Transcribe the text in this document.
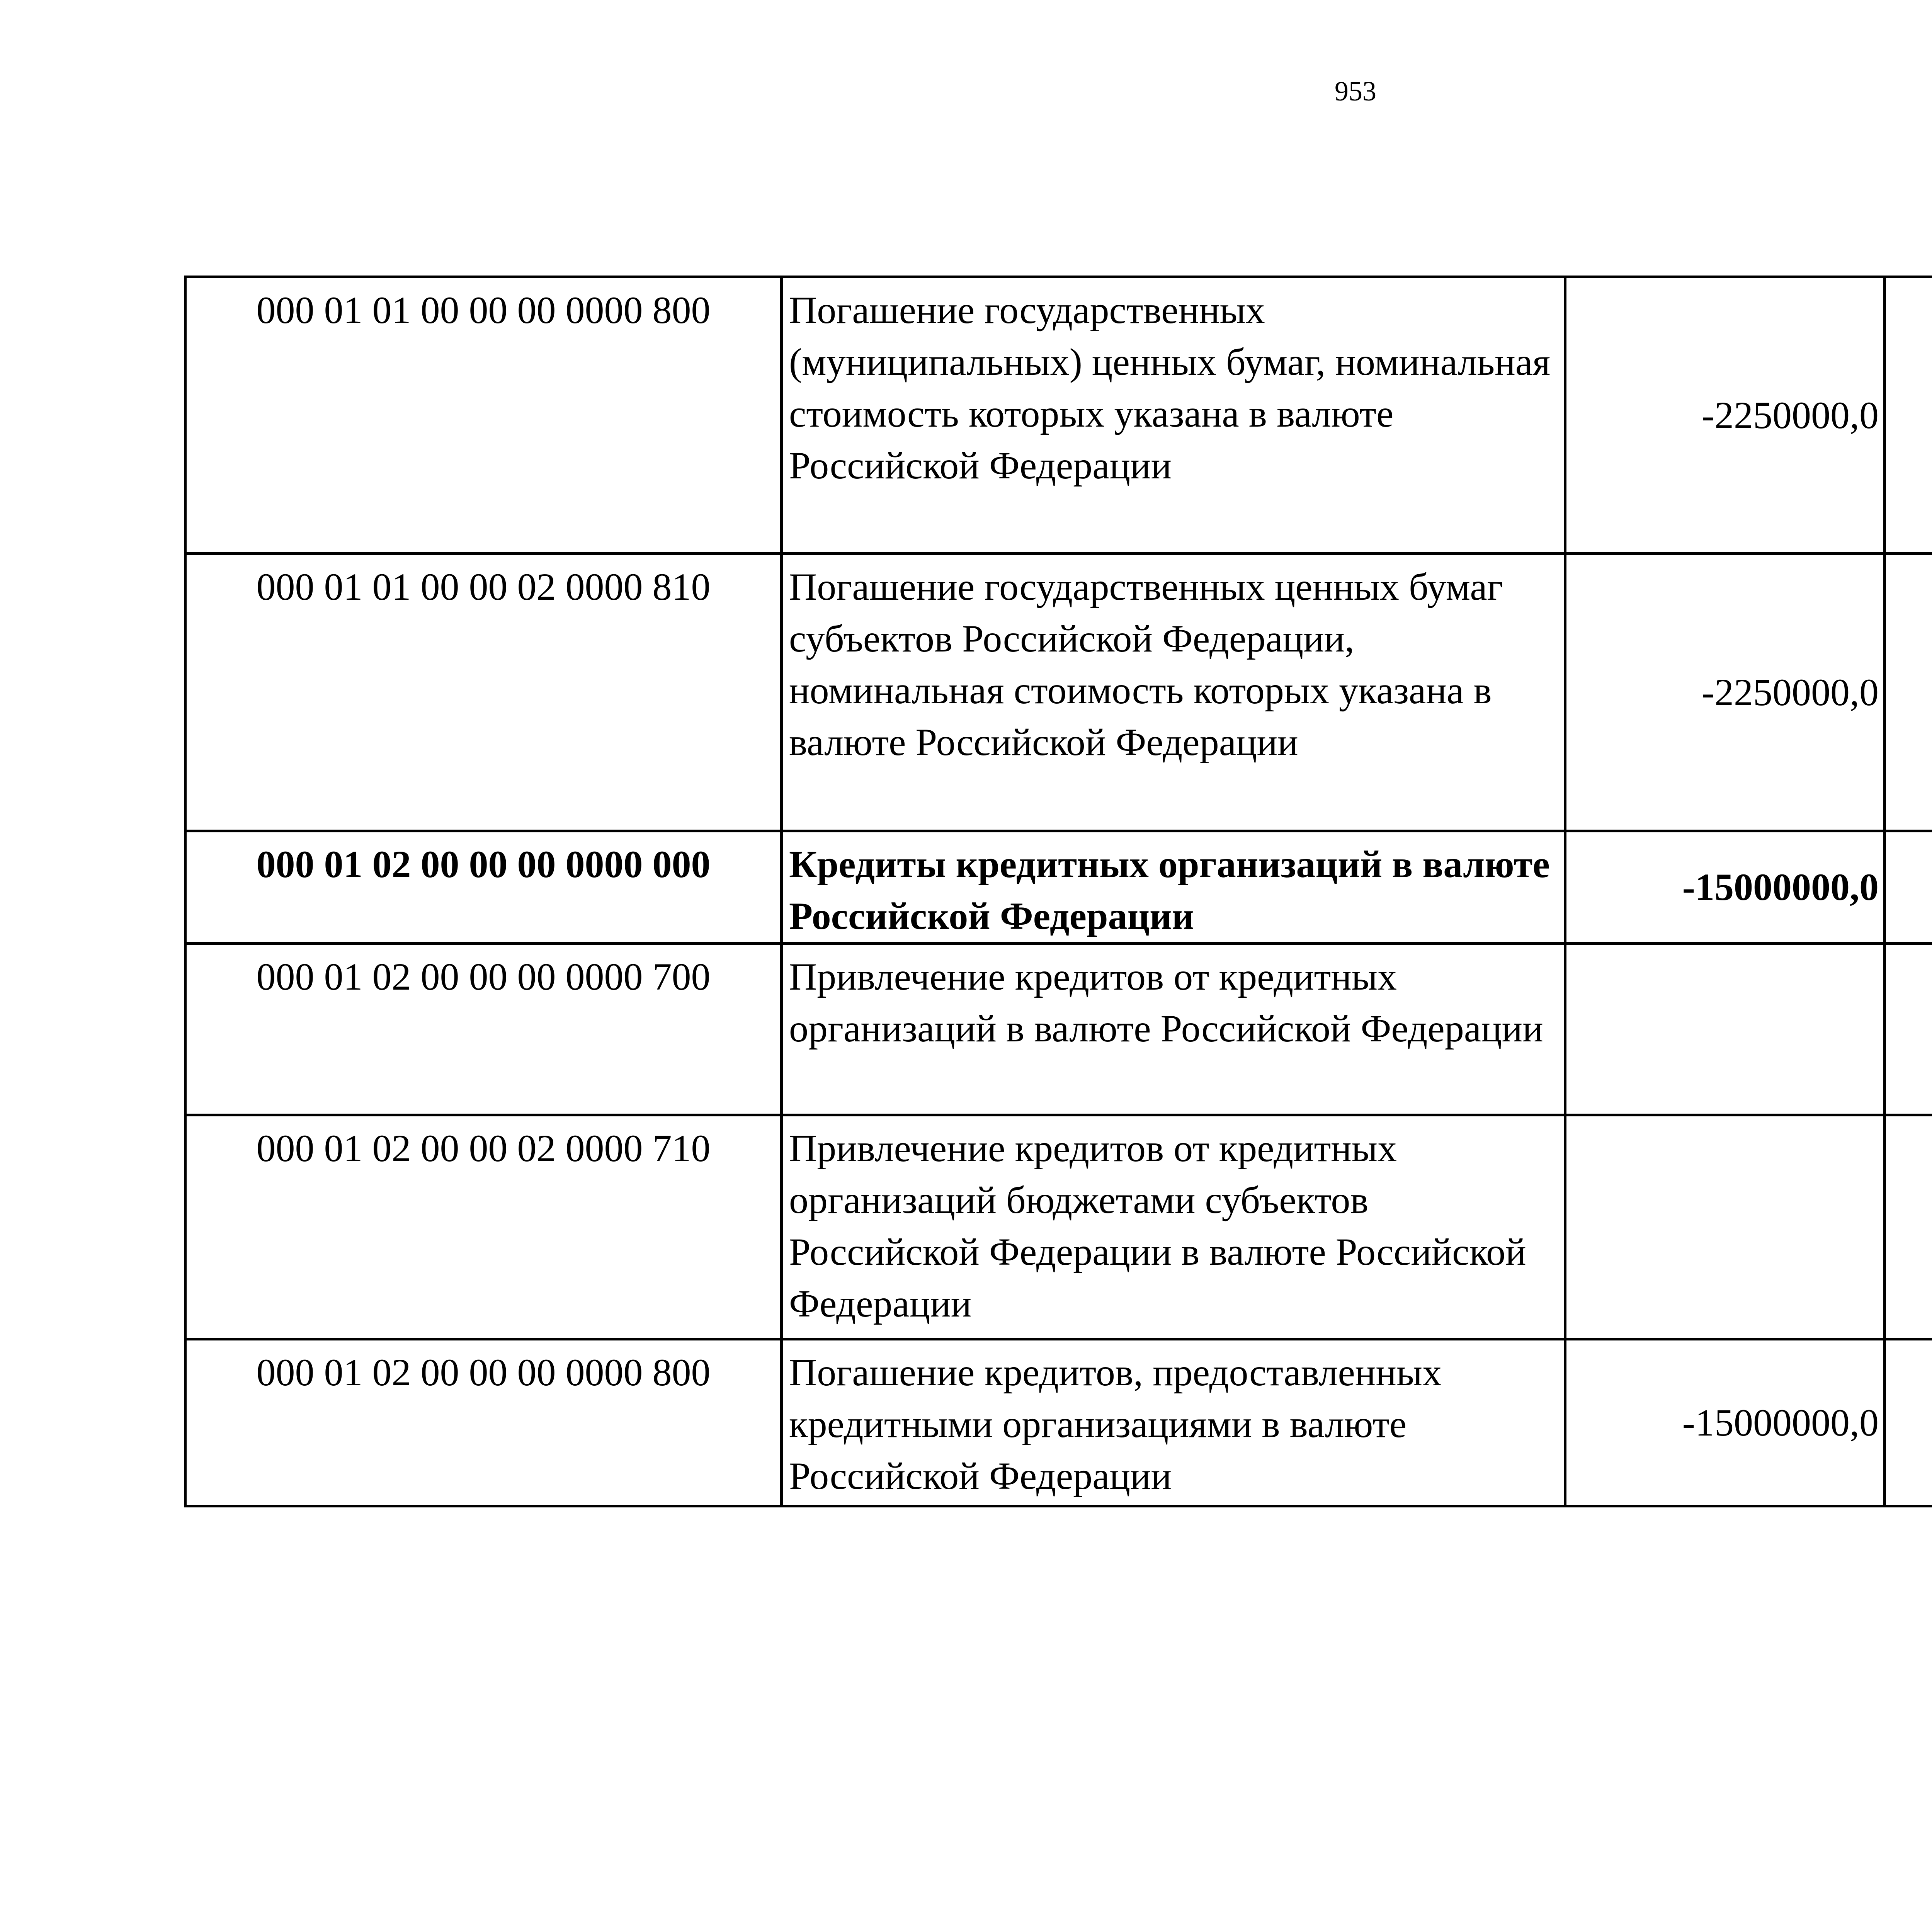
953
000 01 01 00 00 00 0000 800	Погашение государственных (муниципальных) ценных бумаг, номинальная стоимость которых указана в валюте Российской Федерации	-2250000,0		
000 01 01 00 00 02 0000 810	Погашение государственных ценных бумаг субъектов Российской Федерации, номинальная стоимость которых указана в валюте Российской Федерации	-2250000,0		
000 01 02 00 00 00 0000 000	Кредиты кредитных организаций в валюте Российской Федерации	-15000000,0		
000 01 02 00 00 00 0000 700	Привлечение кредитов от кредитных организаций в валюте Российской Федерации			
000 01 02 00 00 02 0000 710	Привлечение кредитов от кредитных организаций бюджетами субъектов Российской Федерации в валюте Российской Федерации			
000 01 02 00 00 00 0000 800	Погашение кредитов, предоставленных кредитными организациями в валюте Российской Федерации	-15000000,0		
